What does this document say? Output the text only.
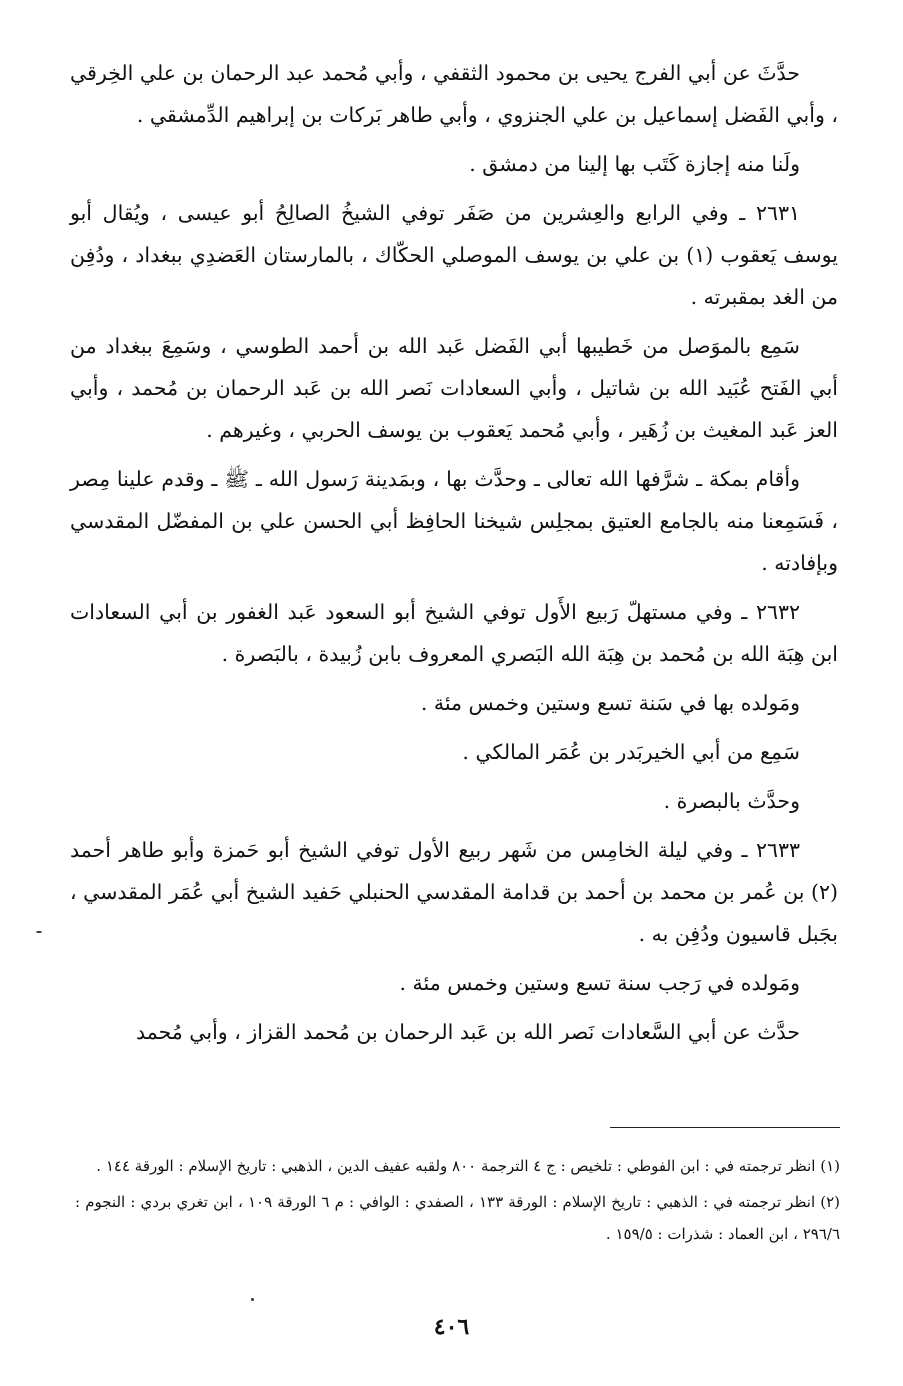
حدَّثَ عن أبي الفرج يحيى بن محمود الثقفي ، وأبي مُحمد عبد الرحمان بن علي الخِرقي ، وأبي الفَضل إسماعيل بن علي الجنزوي ، وأبي طاهر بَركات بن إبراهيم الدِّمشقي .

ولَنا منه إجازة كَتَب بها إلينا من دمشق .

٢٦٣١ ـ وفي الرابع والعِشرين من صَفَر توفي الشيخُ الصالِحُ أبو عيسى ، ويُقال أبو يوسف يَعقوب (١) بن علي بن يوسف الموصلي الحكّاك ، بالمارستان العَضدِي ببغداد ، ودُفِن من الغد بمقبرته .

سَمِع بالموَصل من خَطيبها أبي الفَضل عَبد الله بن أحمد الطوسي ، وسَمِعَ ببغداد من أبي الفَتح عُبَيد الله بن شاتيل ، وأبي السعادات نَصر الله بن عَبد الرحمان بن مُحمد ، وأبي العز عَبد المغيث بن زُهَير ، وأبي مُحمد يَعقوب بن يوسف الحربي ، وغيرهم .

وأقام بمكة ـ شرَّفها الله تعالى ـ وحدَّث بها ، وبمَدينة رَسول الله ـ ﷺ ـ وقدم علينا مِصر ، فَسَمِعنا منه بالجامع العتيق بمجلِس شيخنا الحافِظ أبي الحسن علي بن المفضّل المقدسي وبإفادته .

٢٦٣٢ ـ وفي مستهلّ رَبيع الأَول توفي الشيخ أبو السعود عَبد الغفور بن أبي السعادات ابن هِبَة الله بن مُحمد بن هِبَة الله البَصري المعروف بابن زُبيدة ، بالبَصرة .

ومَولده بها في سَنة تسع وستين وخمس مئة .

سَمِع من أبي الخيربَدر بن عُمَر المالكي .

وحدَّث بالبصرة .

٢٦٣٣ ـ وفي ليلة الخامِس من شَهر ربيع الأول توفي الشيخ أبو حَمزة وأبو طاهر أحمد (٢) بن عُمر بن محمد بن أحمد بن قدامة المقدسي الحنبلي حَفيد الشيخ أبي عُمَر المقدسي ، بجَبل قاسيون ودُفِن به .

ومَولده في رَجب سنة تسع وستين وخمس مئة .

حدَّث عن أبي السَّعادات نَصر الله بن عَبد الرحمان بن مُحمد القزاز ، وأبي مُحمد

(١) انظر ترجمته في : ابن الفوطي : تلخيص : ج ٤ الترجمة ٨٠٠ ولقبه عفيف الدين ، الذهبي : تاريخ الإسلام : الورقة ١٤٤ .

(٢) انظر ترجمته في : الذهبي : تاريخ الإسلام : الورقة ١٣٣ ، الصفدي : الوافي : م ٦ الورقة ١٠٩ ، ابن تغري بردي : النجوم : ٢٩٦/٦ ، ابن العماد : شذرات : ١٥٩/٥ .

٤٠٦
